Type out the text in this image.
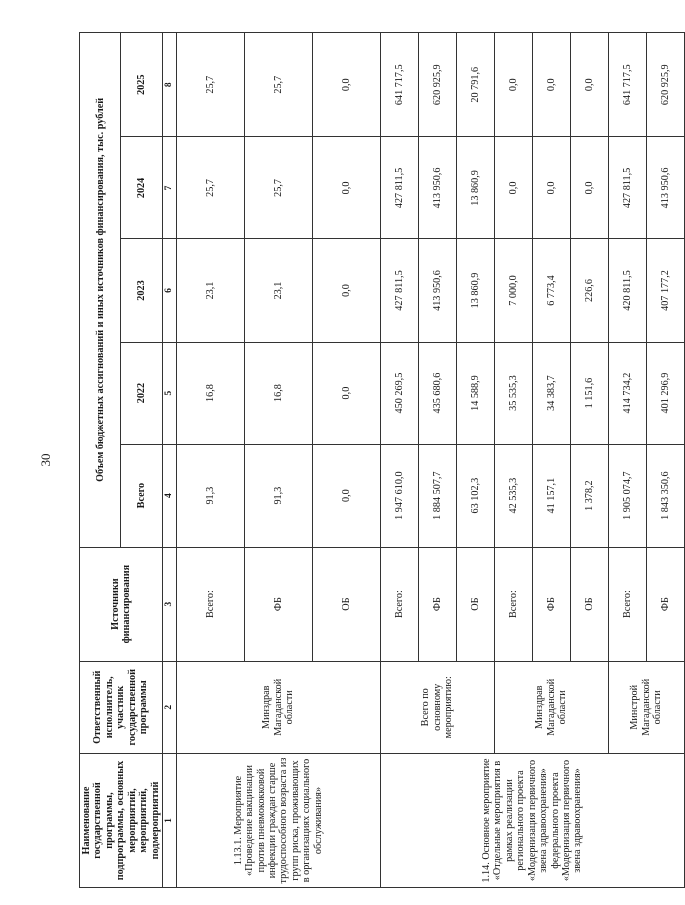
30
Наименование государственной программы, подпрограммы, основных мероприятий, мероприятий, подмероприятий	Ответственный исполнитель, участник государственной программы	Источники финансирования	Объем бюджетных ассигнований и иных источников финансирования, тыс. рублей				
			Всего	2022	2023	2024	2025
1	2	3	4	5	6	7	8
1.13.1. Мероприятие «Проведение вакцинации против пневмококковой инфекции граждан старше трудоспособного возраста из групп риска, проживающих в организациях социального обслуживания»	Минздрав Магаданской области	Всего:	91,3	16,8	23,1	25,7	25,7
		ФБ	91,3	16,8	23,1	25,7	25,7
		ОБ	0,0	0,0	0,0	0,0	0,0
1.14. Основное мероприятие «Отдельные мероприятия в рамках реализации регионального проекта «Модернизация первичного звена здравоохранения» федерального проекта «Модернизация первичного звена здравоохранения»	Всего по основному мероприятию:	Всего:	1 947 610,0	450 269,5	427 811,5	427 811,5	641 717,5
		ФБ	1 884 507,7	435 680,6	413 950,6	413 950,6	620 925,9
		ОБ	63 102,3	14 588,9	13 860,9	13 860,9	20 791,6
	Минздрав Магаданской области	Всего:	42 535,3	35 535,3	7 000,0	0,0	0,0
		ФБ	41 157,1	34 383,7	6 773,4	0,0	0,0
		ОБ	1 378,2	1 151,6	226,6	0,0	0,0
	Минстрой Магаданской области	Всего:	1 905 074,7	414 734,2	420 811,5	427 811,5	641 717,5
		ФБ	1 843 350,6	401 296,9	407 177,2	413 950,6	620 925,9
